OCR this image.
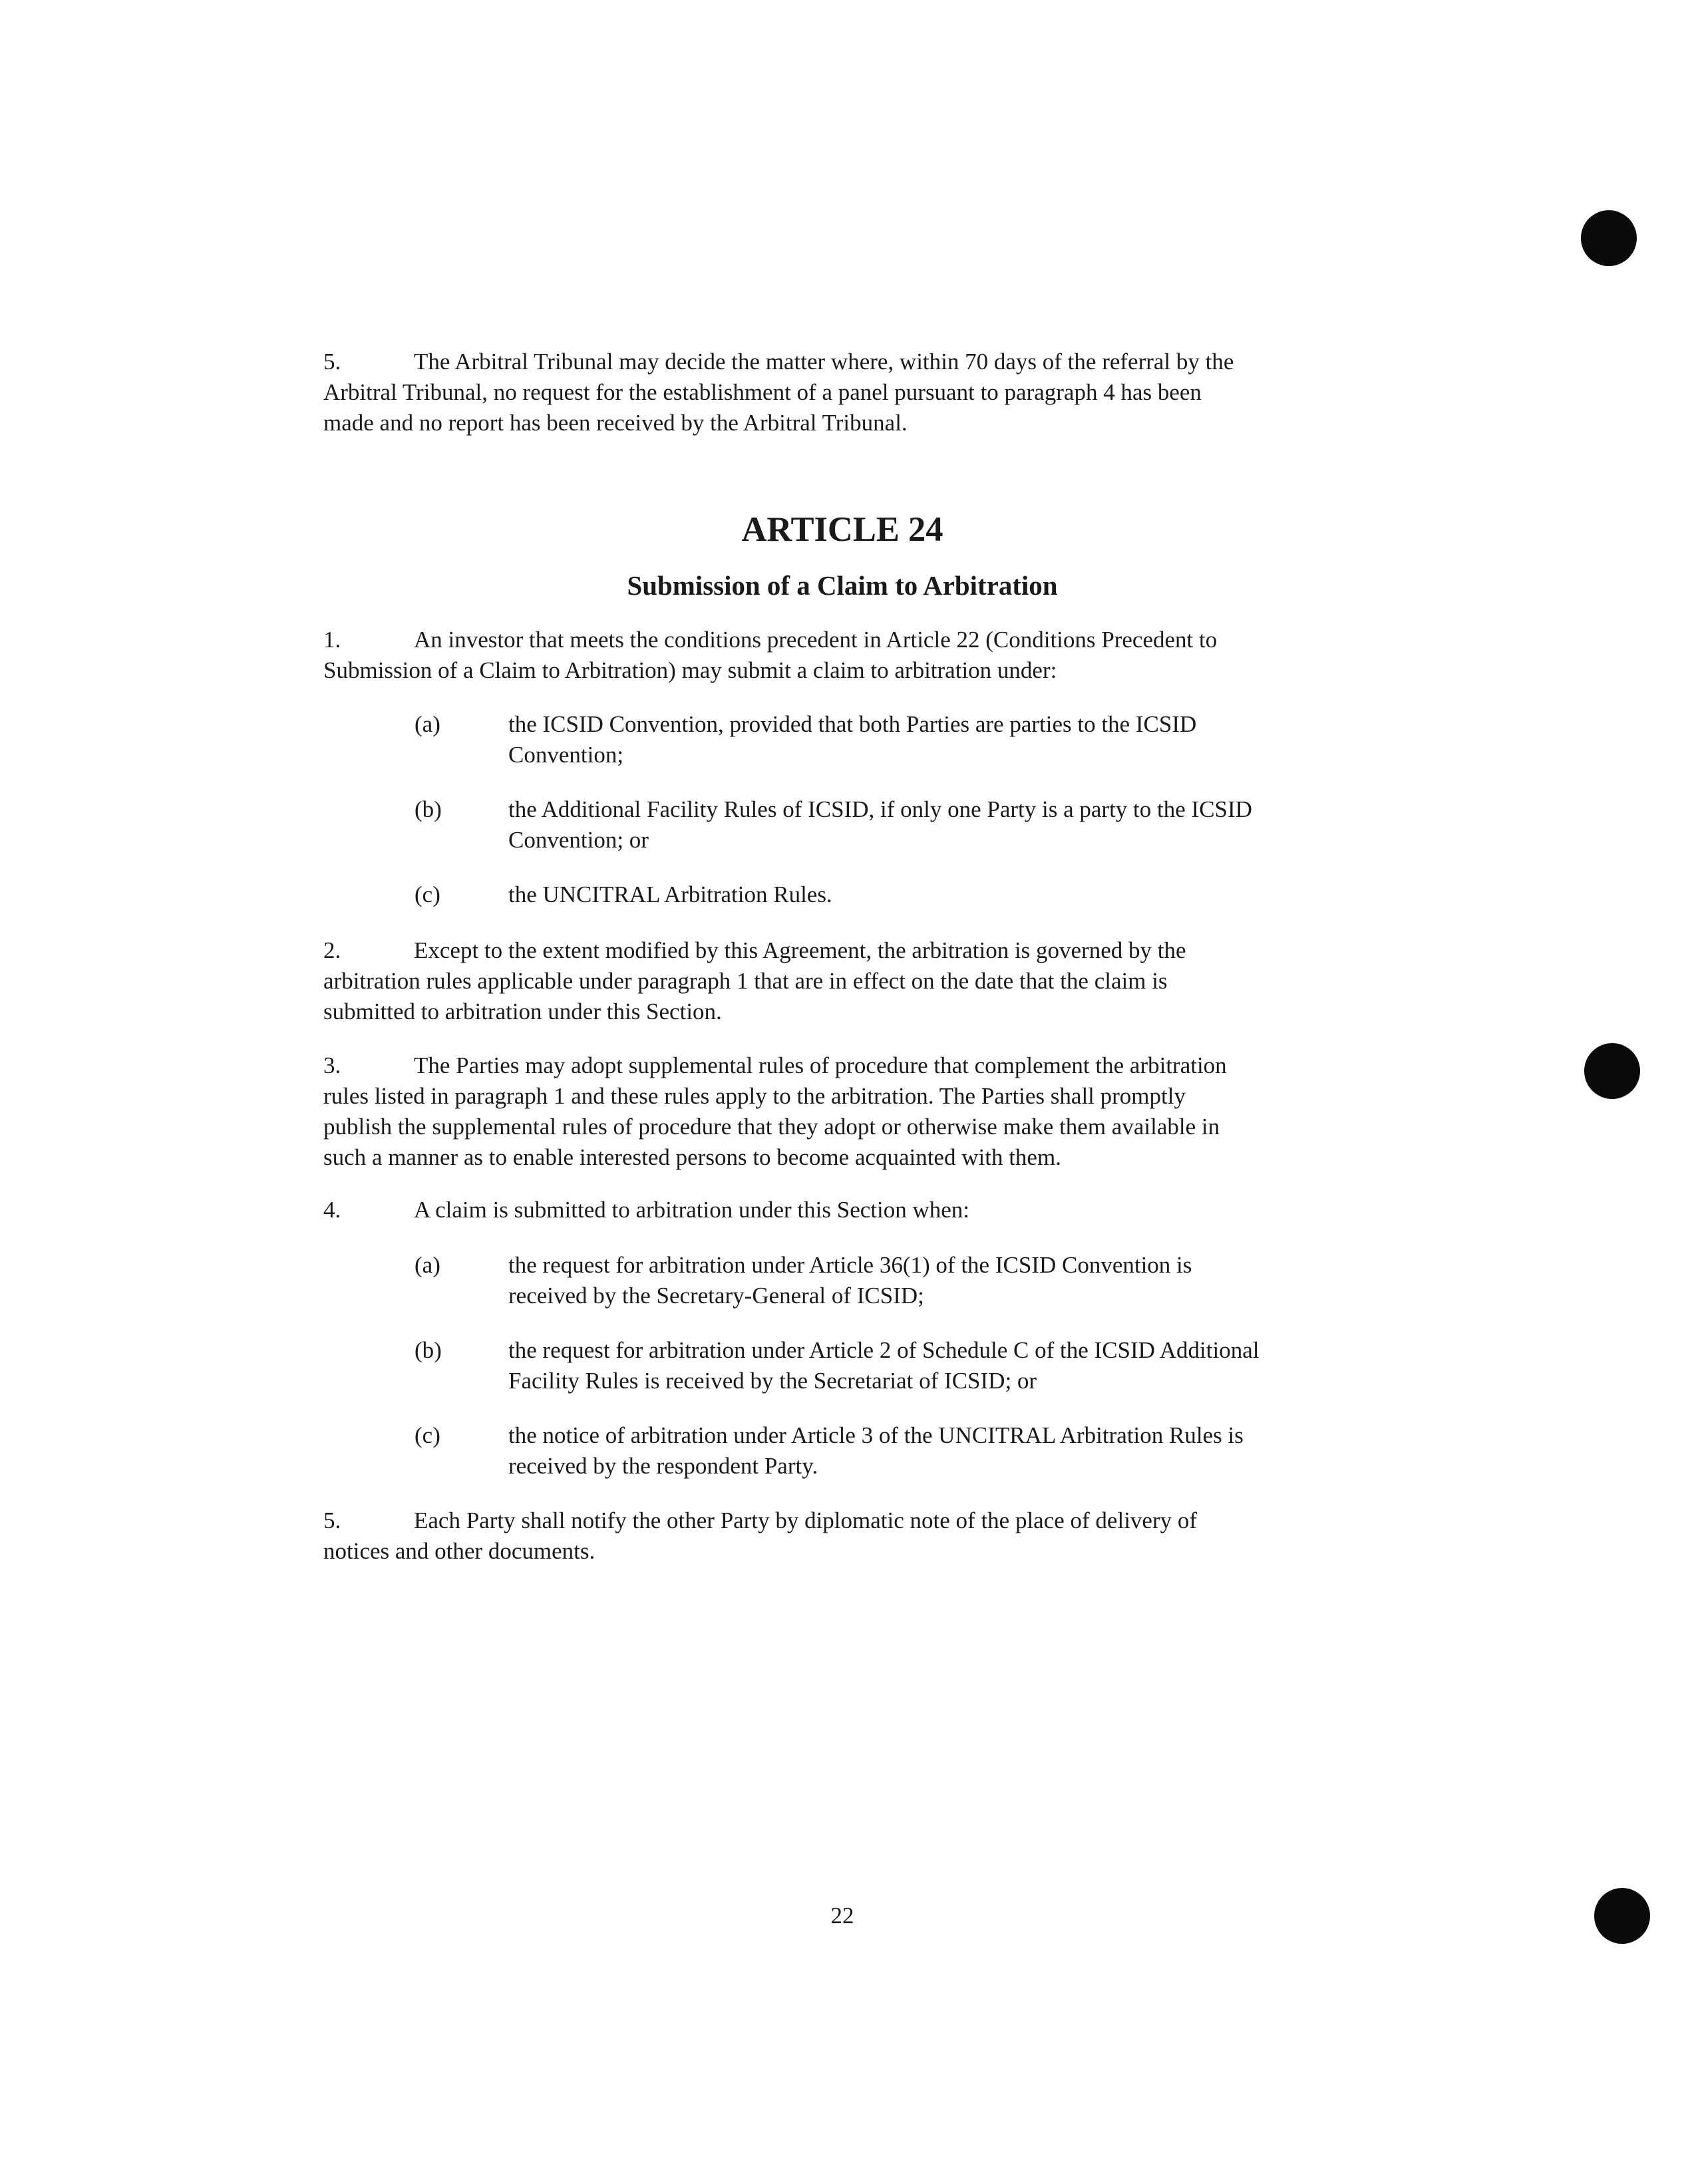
5.	The Arbitral Tribunal may decide the matter where, within 70 days of the referral by the

Arbitral Tribunal, no request for the establishment of a panel pursuant to paragraph 4 has been

made and no report has been received by the Arbitral Tribunal.

ARTICLE 24
Submission of a Claim to Arbitration

1.	An investor that meets the conditions precedent in Article 22 (Conditions Precedent to

Submission of a Claim to Arbitration) may submit a claim to arbitration under:

(a)	the ICSID Convention, provided that both Parties are parties to the ICSID
Convention;
(b)	the Additional Facility Rules of ICSID, if only one Party is a party to the ICSID
Convention; or
(c)	the UNCITRAL Arbitration Rules.

2.	Except to the extent modified by this Agreement, the arbitration is governed by the

arbitration rules applicable under paragraph 1 that are in effect on the date that the claim is

submitted to arbitration under this Section.

3.	The Parties may adopt supplemental rules of procedure that complement the arbitration

rules listed in paragraph 1 and these rules apply to the arbitration. The Parties shall promptly

publish the supplemental rules of procedure that they adopt or otherwise make them available in

such a manner as to enable interested persons to become acquainted with them.

4.	A claim is submitted to arbitration under this Section when:

(a)	the request for arbitration under Article 36(1) of the ICSID Convention is
received by the Secretary-General of ICSID;
(b)	the request for arbitration under Article 2 of Schedule C of the ICSID Additional
Facility Rules is received by the Secretariat of ICSID; or
(c)	the notice of arbitration under Article 3 of the UNCITRAL Arbitration Rules is
received by the respondent Party.

5.	Each Party shall notify the other Party by diplomatic note of the place of delivery of

notices and other documents.

22
